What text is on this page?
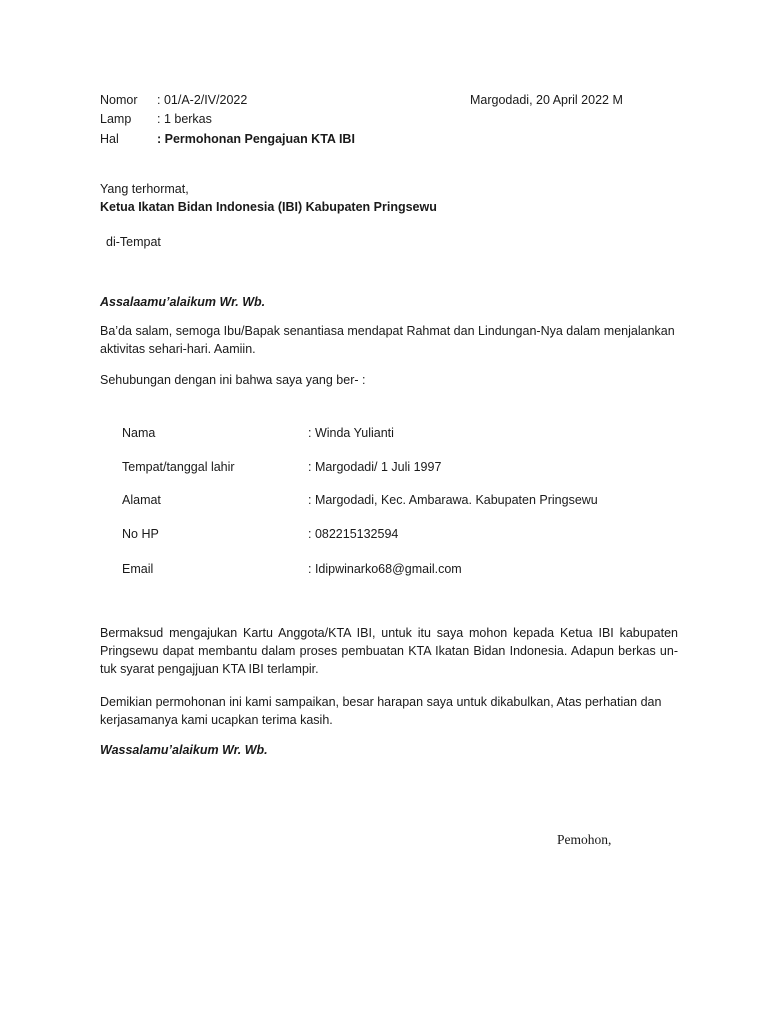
Nomor : 01/A-2/IV/2022	Margodadi, 20 April 2022 M
Lamp : 1 berkas
Hal	: Permohonan Pengajuan KTA IBI
Yang terhormat,
Ketua Ikatan Bidan Indonesia (IBI) Kabupaten Pringsewu
di-Tempat
Assalaamu’alaikum Wr. Wb.
Ba’da salam, semoga Ibu/Bapak senantiasa mendapat Rahmat dan Lindungan-Nya dalam menjalankan aktivitas sehari-hari. Aamiin.
Sehubungan dengan ini bahwa saya yang ber- :
Nama	: Winda Yulianti
Tempat/tanggal lahir	: Margodadi/ 1 Juli 1997
Alamat	: Margodadi, Kec. Ambarawa. Kabupaten Pringsewu
No HP	: 082215132594
Email	: Idipwinarko68@gmail.com
Bermaksud mengajukan Kartu Anggota/KTA IBI, untuk itu saya mohon kepada Ketua IBI kabupaten Pringsewu dapat membantu dalam proses pembuatan KTA Ikatan Bidan Indonesia. Adapun berkas un-tuk syarat pengajjuan KTA IBI terlampir.
Demikian permohonan ini kami sampaikan, besar harapan saya untuk dikabulkan, Atas perhatian dan kerjasamanya kami ucapkan terima kasih.
Wassalamu’alaikum Wr. Wb.
Pemohon,
